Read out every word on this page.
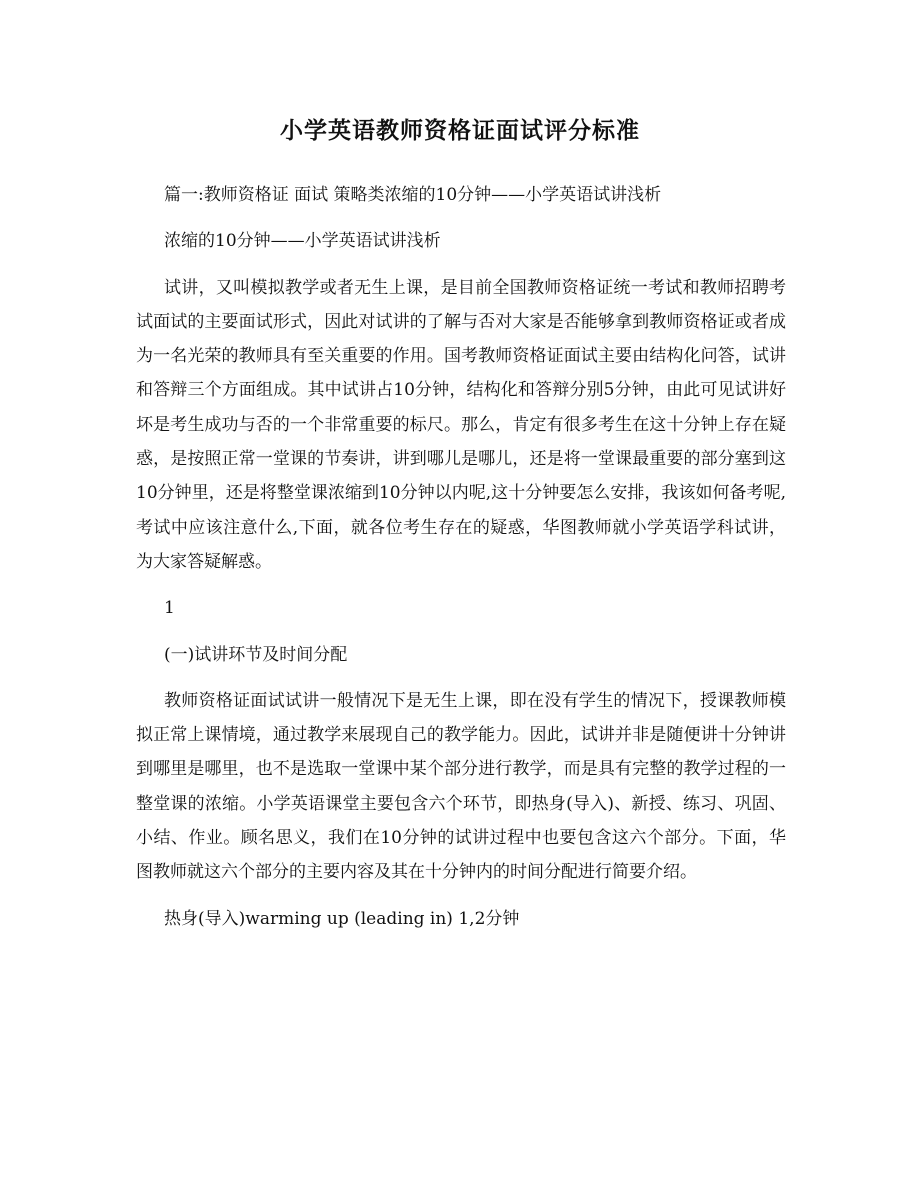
小学英语教师资格证面试评分标准

篇一:教师资格证 面试 策略类浓缩的10分钟——小学英语试讲浅析

浓缩的10分钟——小学英语试讲浅析

试讲，又叫模拟教学或者无生上课，是目前全国教师资格证统一考试和教师招聘考试面试的主要面试形式，因此对试讲的了解与否对大家是否能够拿到教师资格证或者成为一名光荣的教师具有至关重要的作用。国考教师资格证面试主要由结构化问答，试讲和答辩三个方面组成。其中试讲占10分钟，结构化和答辩分别5分钟，由此可见试讲好坏是考生成功与否的一个非常重要的标尺。那么，肯定有很多考生在这十分钟上存在疑惑，是按照正常一堂课的节奏讲，讲到哪儿是哪儿，还是将一堂课最重要的部分塞到这10分钟里，还是将整堂课浓缩到10分钟以内呢,这十分钟要怎么安排，我该如何备考呢,考试中应该注意什么,下面，就各位考生存在的疑惑，华图教师就小学英语学科试讲，为大家答疑解惑。

1

(一)试讲环节及时间分配

教师资格证面试试讲一般情况下是无生上课，即在没有学生的情况下，授课教师模拟正常上课情境，通过教学来展现自己的教学能力。因此，试讲并非是随便讲十分钟讲到哪里是哪里，也不是选取一堂课中某个部分进行教学，而是具有完整的教学过程的一整堂课的浓缩。小学英语课堂主要包含六个环节，即热身(导入)、新授、练习、巩固、小结、作业。顾名思义，我们在10分钟的试讲过程中也要包含这六个部分。下面，华图教师就这六个部分的主要内容及其在十分钟内的时间分配进行简要介绍。

热身(导入)warming up (leading in) 1,2分钟
